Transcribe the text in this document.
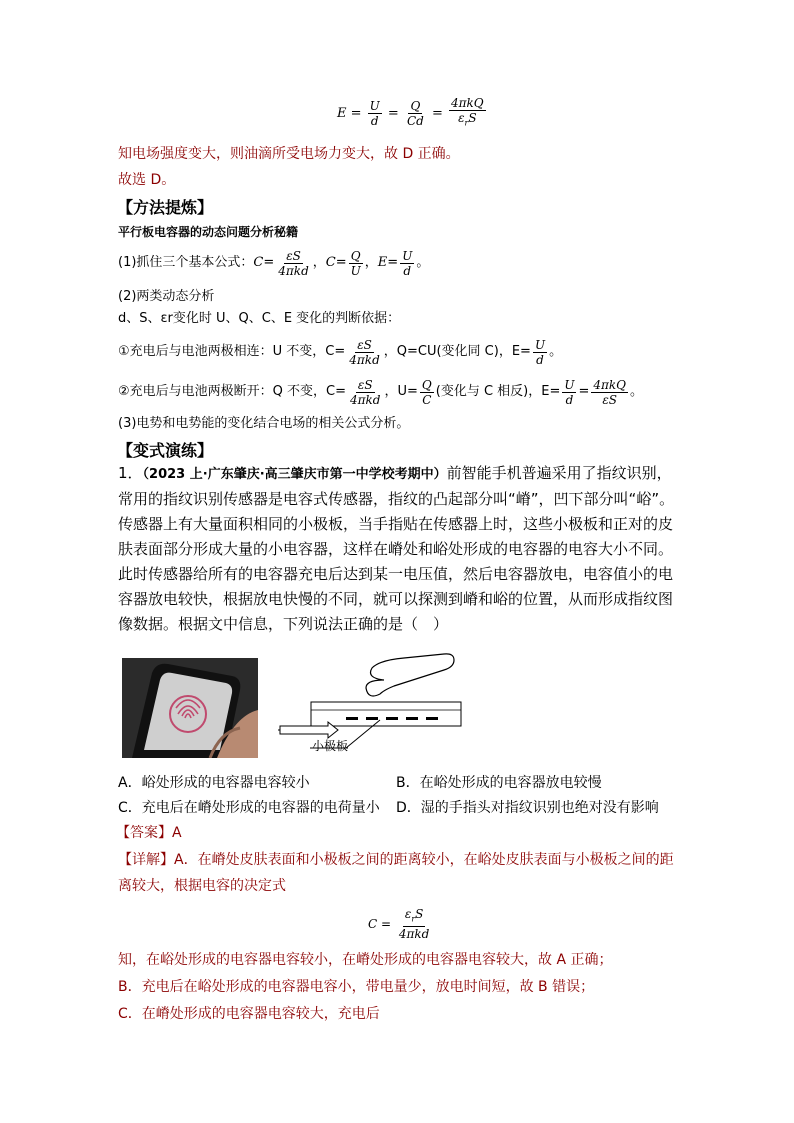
$E = \frac{U}{d} = \frac{Q}{Cd} = \frac{\text{4πkQ}}{\varepsilon_rS}$
知电场强度变大，则油滴所受电场力变大，故 D 正确。
故选 D。
【方法提炼】
平行板电容器的动态问题分析秘籍
(1)抓住三个基本公式： $C = \frac{\varepsilon S}{\text{4πkd}}$ ， $C = \frac{Q}{U}$ ， $E = \frac{U}{d}$ 。
(2)两类动态分析
d、S、εr变化时 U、Q、C、E 变化的判断依据：
①充电后与电池两极相连：U 不变，$C= \frac{\varepsilon S}{\text{4πkd}}$ ，Q=CU(变化同 C)，$E= \frac{U}{d}$ 。
②充电后与电池两极断开：Q 不变，$C= \frac{\varepsilon S}{\text{4πkd}}$ ，$U= \frac{Q}{C}$ (变化与 C 相反)，$E= \frac{U}{d} = \frac{\text{4πkQ}}{\varepsilon S}$ 。
(3)电势和电势能的变化结合电场的相关公式分析。
【变式演练】
1．（2023 上·广东肇庆·高三肇庆市第一中学校考期中）前智能手机普遍采用了指纹识别，常用的指纹识别传感器是电容式传感器，指纹的凸起部分叫“嵴”，凹下部分叫“峪”。传感器上有大量面积相同的小极板，当手指贴在传感器上时，这些小极板和正对的皮肤表面部分形成大量的小电容器，这样在嵴处和峪处形成的电容器的电容大小不同。此时传感器给所有的电容器充电后达到某一电压值，然后电容器放电，电容值小的电容器放电较快，根据放电快慢的不同，就可以探测到嵴和峪的位置，从而形成指纹图像数据。根据文中信息，下列说法正确的是（　）
小极板
A．峪处形成的电容器电容较小	B．在峪处形成的电容器放电较慢
C．充电后在嵴处形成的电容器的电荷量小 D．湿的手指头对指纹识别也绝对没有影响
【答案】A
【详解】A．在嵴处皮肤表面和小极板之间的距离较小，在峪处皮肤表面与小极板之间的距离较大，根据电容的决定式
$C = \frac{\varepsilon_rS}{\text{4πkd}}$
知，在峪处形成的电容器电容较小，在嵴处形成的电容器电容较大，故 A 正确；
B．充电后在峪处形成的电容器电容小，带电量少，放电时间短，故 B 错误；
C．在嵴处形成的电容器电容较大，充电后
